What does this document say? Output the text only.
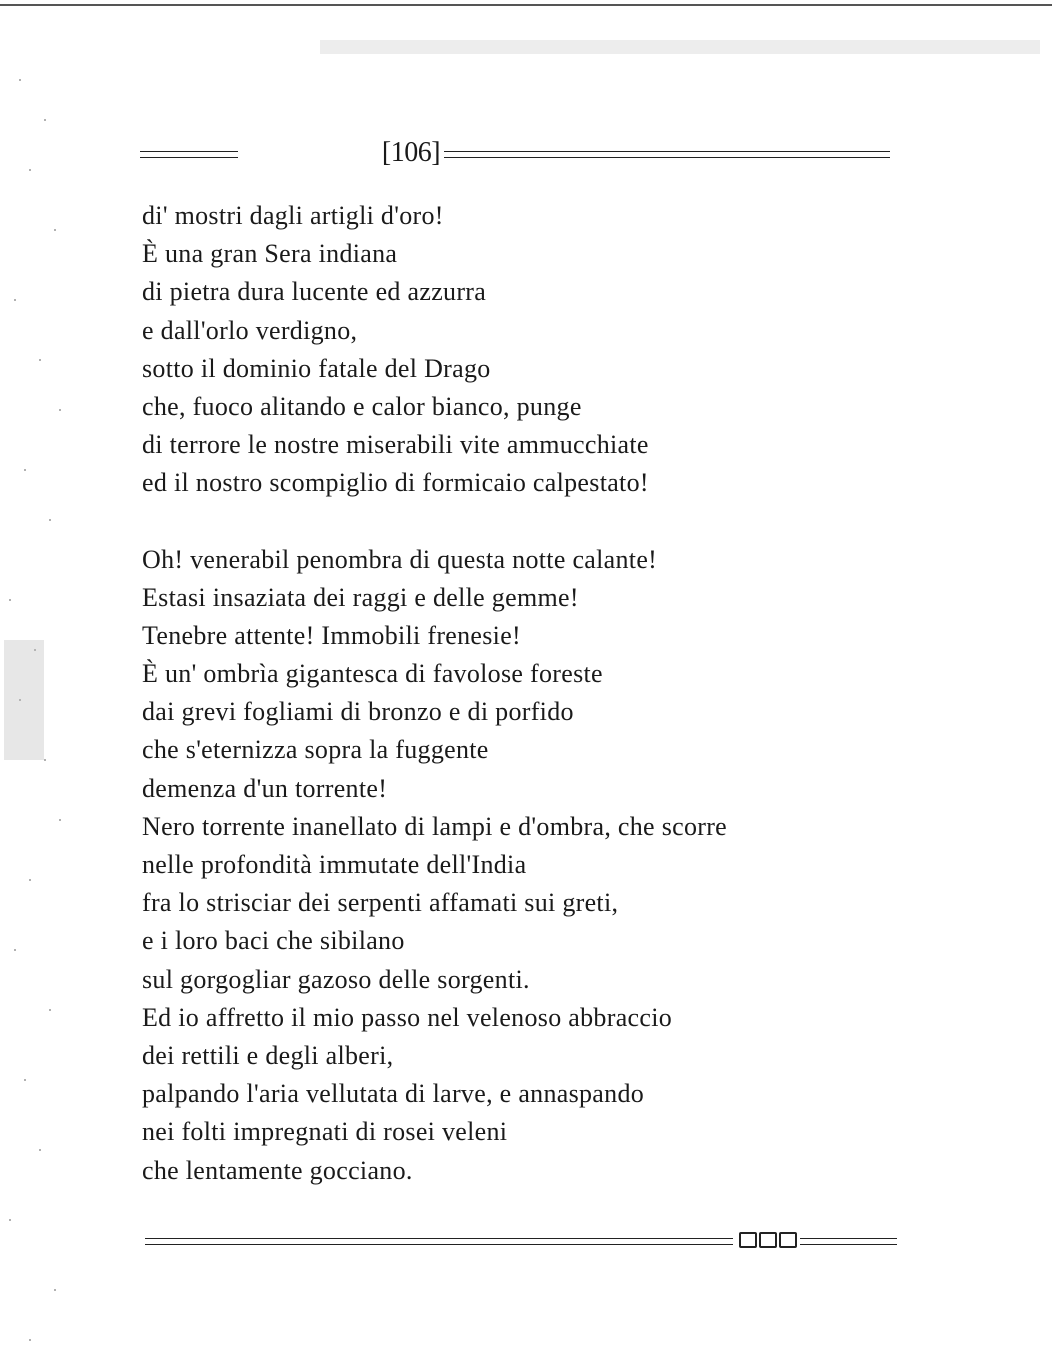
[106]
di' mostri dagli artigli d'oro!
È una gran Sera indiana
di pietra dura lucente ed azzurra
e dall'orlo verdigno,
sotto il dominio fatale del Drago
che, fuoco alitando e calor bianco, punge
di terrore le nostre miserabili vite ammucchiate
ed il nostro scompiglio di formicaio calpestato!
Oh! venerabil penombra di questa notte calante!
Estasi insaziata dei raggi e delle gemme!
Tenebre attente! Immobili frenesie!
È un' ombrìa gigantesca di favolose foreste
dai grevi fogliami di bronzo e di porfido
che s'eternizza sopra la fuggente
demenza d'un torrente!
Nero torrente inanellato di lampi e d'ombra, che scorre
nelle profondità immutate dell'India
fra lo strisciar dei serpenti affamati sui greti,
e i loro baci che sibilano
sul gorgogliar gazoso delle sorgenti.
Ed io affretto il mio passo nel velenoso abbraccio
dei rettili e degli alberi,
palpando l'aria vellutata di larve, e annaspando
nei folti impregnati di rosei veleni
che lentamente gocciano.
